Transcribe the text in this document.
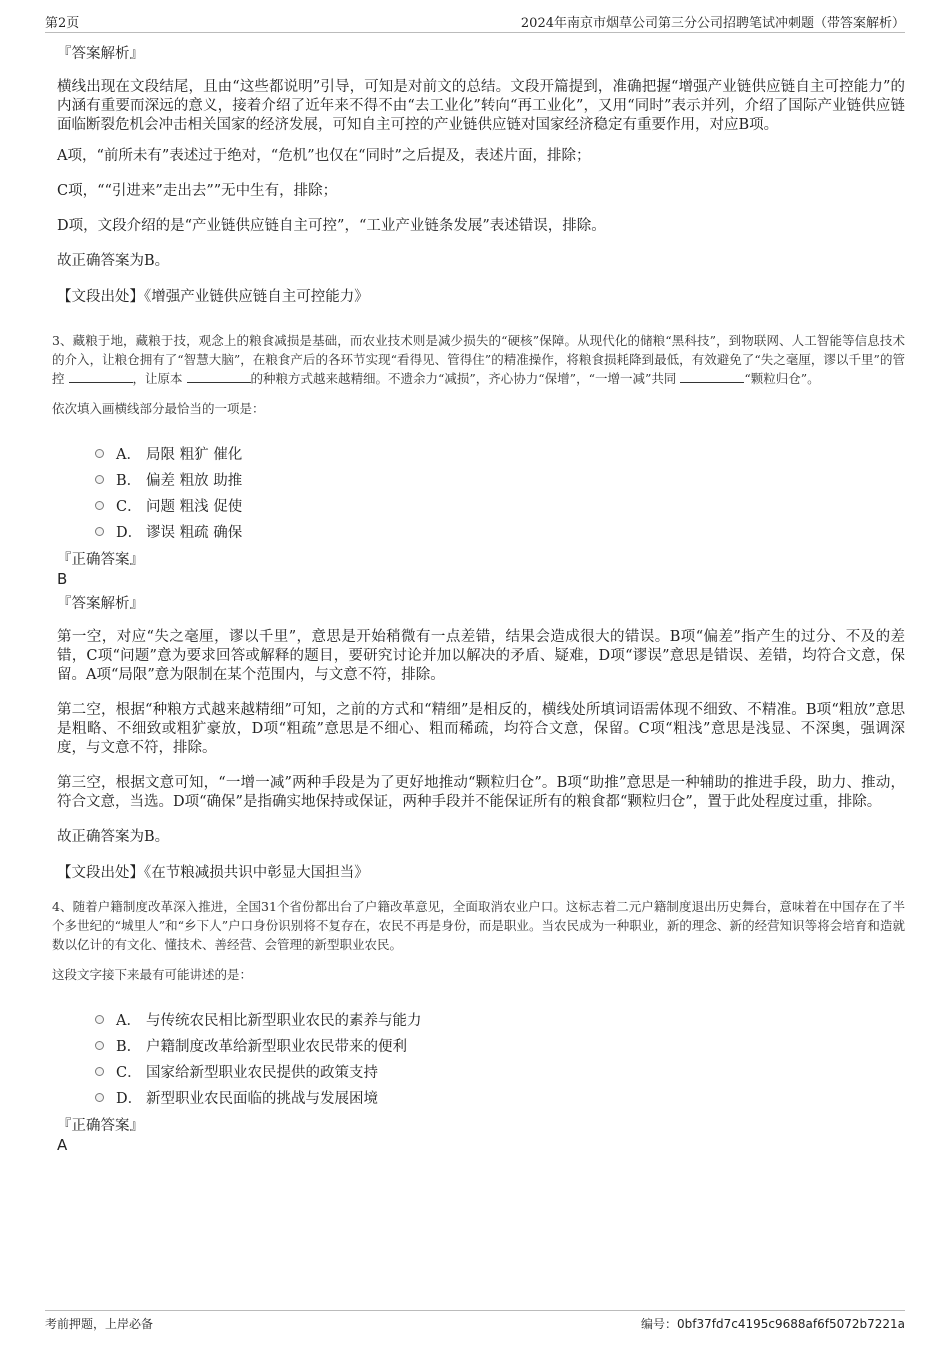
第2页	2024年南京市烟草公司第三分公司招聘笔试冲刺题（带答案解析）
『答案解析』

横线出现在文段结尾，且由“这些都说明”引导，可知是对前文的总结。文段开篇提到，准确把握“增强产业链供应链自主可控能力”的内涵有重要而深远的意义，接着介绍了近年来不得不由“去工业化”转向“再工业化”，又用“同时”表示并列，介绍了国际产业链供应链面临断裂危机会冲击相关国家的经济发展，可知自主可控的产业链供应链对国家经济稳定有重要作用，对应B项。

A项，“前所未有”表述过于绝对，“危机”也仅在“同时”之后提及，表述片面，排除；

C项，““引进来”走出去””无中生有，排除；

D项，文段介绍的是“产业链供应链自主可控”，“工业产业链条发展”表述错误，排除。

故正确答案为B。

【文段出处】《增强产业链供应链自主可控能力》

3、藏粮于地，藏粮于技，观念上的粮食减损是基础，而农业技术则是减少损失的“硬核”保障。从现代化的储粮“黑科技”，到物联网、人工智能等信息技术的介入，让粮仓拥有了“智慧大脑”，在粮食产后的各环节实现“看得见、管得住”的精准操作，将粮食损耗降到最低，有效避免了“失之毫厘，谬以千里”的管控	，让原本	的种粮方式越来越精细。不遗余力“减损”，齐心协力“保增”，“一增一减”共同	“颗粒归仓”。

依次填入画横线部分最恰当的一项是：

A． 局限 粗犷 催化
B． 偏差 粗放 助推
C． 问题 粗浅 促使
D． 谬误 粗疏 确保
『正确答案』
B
『答案解析』

第一空，对应“失之毫厘，谬以千里”，意思是开始稍微有一点差错，结果会造成很大的错误。B项“偏差”指产生的过分、不及的差错，C项“问题”意为要求回答或解释的题目，要研究讨论并加以解决的矛盾、疑难，D项“谬误”意思是错误、差错，均符合文意，保留。A项“局限”意为限制在某个范围内，与文意不符，排除。

第二空，根据“种粮方式越来越精细”可知，之前的方式和“精细”是相反的，横线处所填词语需体现不细致、不精准。B项“粗放”意思是粗略、不细致或粗犷豪放，D项“粗疏”意思是不细心、粗而稀疏，均符合文意，保留。C项“粗浅”意思是浅显、不深奥，强调深度，与文意不符，排除。

第三空，根据文意可知，“一增一减”两种手段是为了更好地推动“颗粒归仓”。B项“助推”意思是一种辅助的推进手段，助力、推动，符合文意，当选。D项“确保”是指确实地保持或保证，两种手段并不能保证所有的粮食都“颗粒归仓”，置于此处程度过重，排除。

故正确答案为B。

【文段出处】《在节粮减损共识中彰显大国担当》

4、随着户籍制度改革深入推进，全国31个省份都出台了户籍改革意见，全面取消农业户口。这标志着二元户籍制度退出历史舞台，意味着在中国存在了半个多世纪的“城里人”和“乡下人”户口身份识别将不复存在，农民不再是身份，而是职业。当农民成为一种职业，新的理念、新的经营知识等将会培育和造就数以亿计的有文化、懂技术、善经营、会管理的新型职业农民。

这段文字接下来最有可能讲述的是：

A． 与传统农民相比新型职业农民的素养与能力
B． 户籍制度改革给新型职业农民带来的便利
C． 国家给新型职业农民提供的政策支持
D． 新型职业农民面临的挑战与发展困境
『正确答案』
A
考前押题，上岸必备	编号：0bf37fd7c4195c9688af6f5072b7221a
